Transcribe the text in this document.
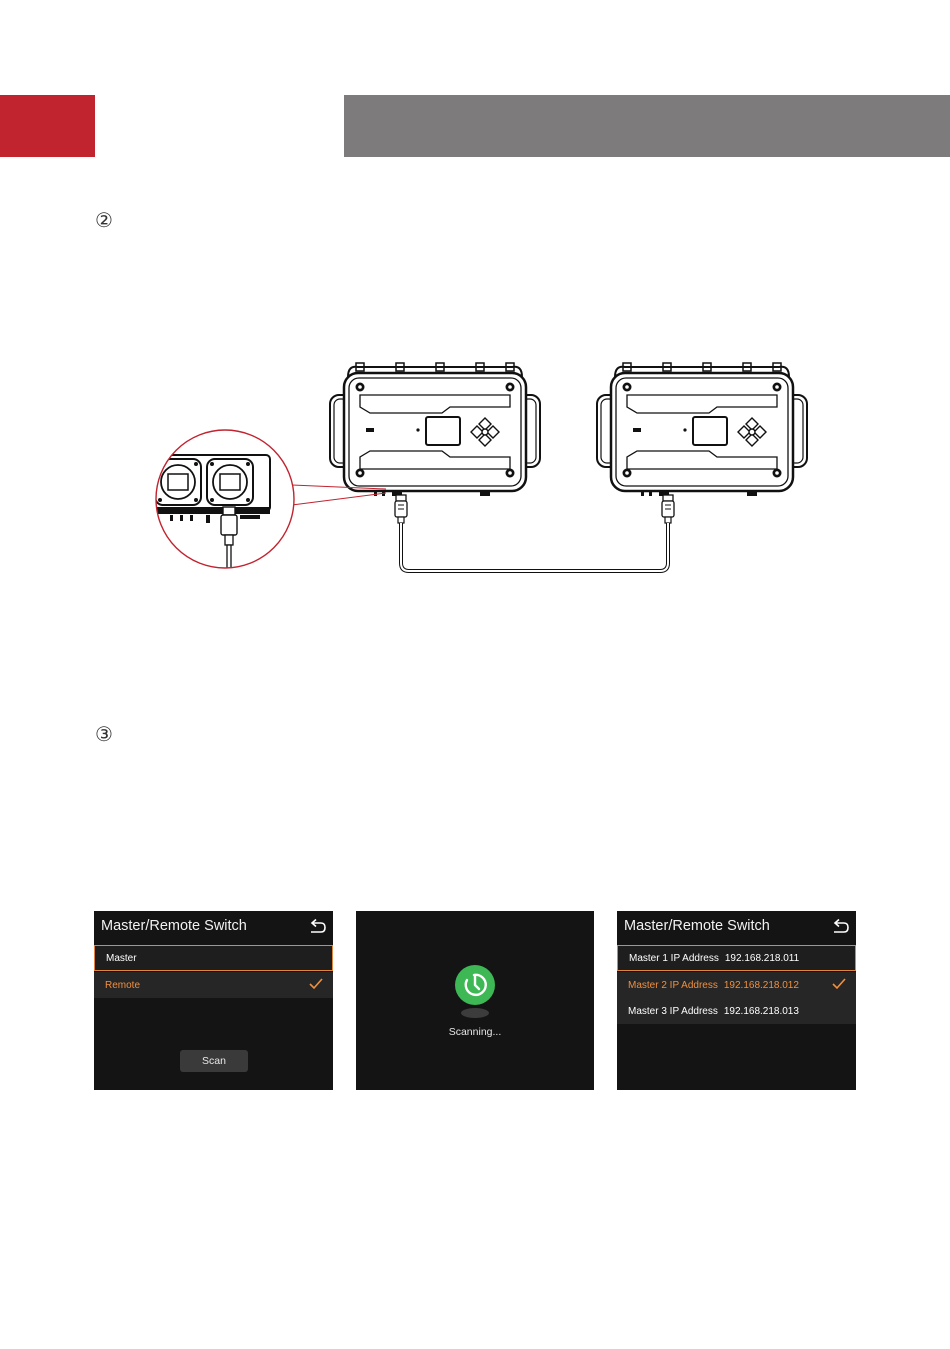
②
③
Master/Remote Switch
Master
Remote
Scan
Scanning...
Master/Remote Switch
Master 1 IP Address 192.168.218.011
Master 2 IP Address 192.168.218.012
Master 3 IP Address 192.168.218.013
